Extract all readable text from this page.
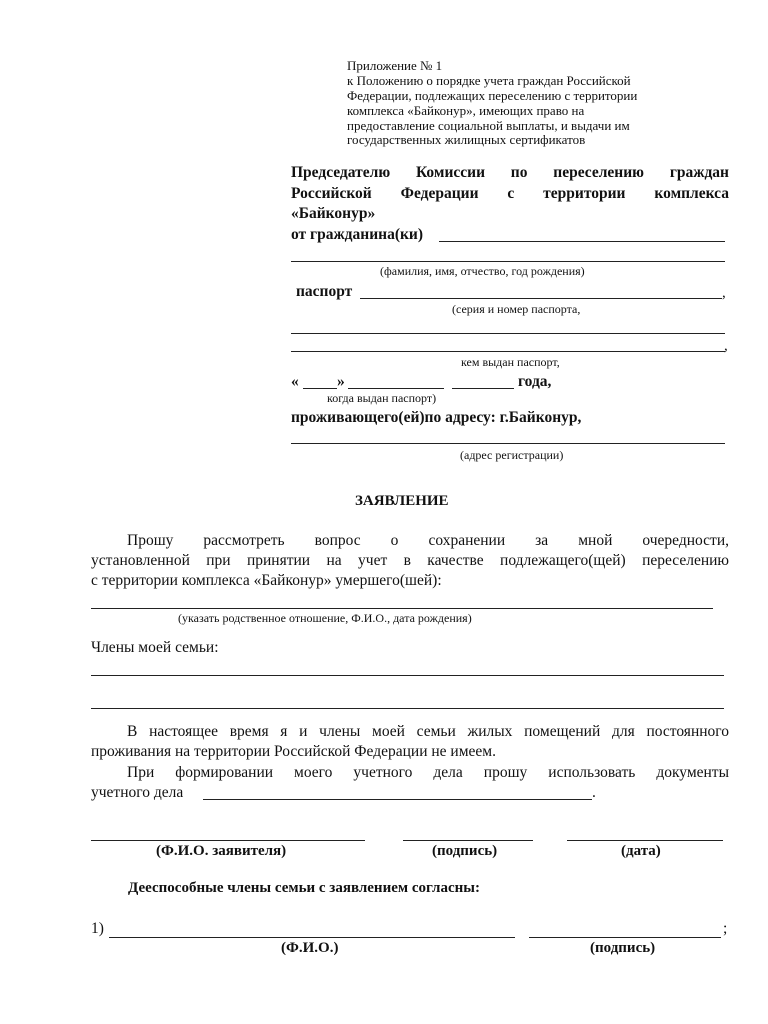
Приложение № 1
к Положению о порядке учета граждан Российской
Федерации, подлежащих переселению с территории
комплекса «Байконур», имеющих право на
предоставление социальной выплаты, и выдачи им
государственных жилищных сертификатов
Председателю Комиссии по переселению граждан
Российской Федерации с территории комплекса
«Байконур»
от гражданина(ки)
(фамилия, имя, отчество, год рождения)
паспорт	,
(серия и номер паспорта,
,
кем выдан паспорт,
« »	года,
когда выдан паспорт)
проживающего(ей)по адресу: г.Байконур,
(адрес регистрации)
ЗАЯВЛЕНИЕ
Прошу рассмотреть вопрос о сохранении за мной очередности,
установленной при принятии на учет в качестве подлежащего(щей) переселению
с территории комплекса «Байконур» умершего(шей):
(указать родственное отношение, Ф.И.О., дата рождения)
Члены моей семьи:
В настоящее время я и члены моей семьи жилых помещений для постоянного
проживания на территории Российской Федерации не имеем.
При формировании моего учетного дела прошу использовать документы
учетного дела	.
(Ф.И.О. заявителя)	(подпись)	(дата)
Дееспособные члены семьи с заявлением согласны:
1)	;
(Ф.И.О.)	(подпись)
